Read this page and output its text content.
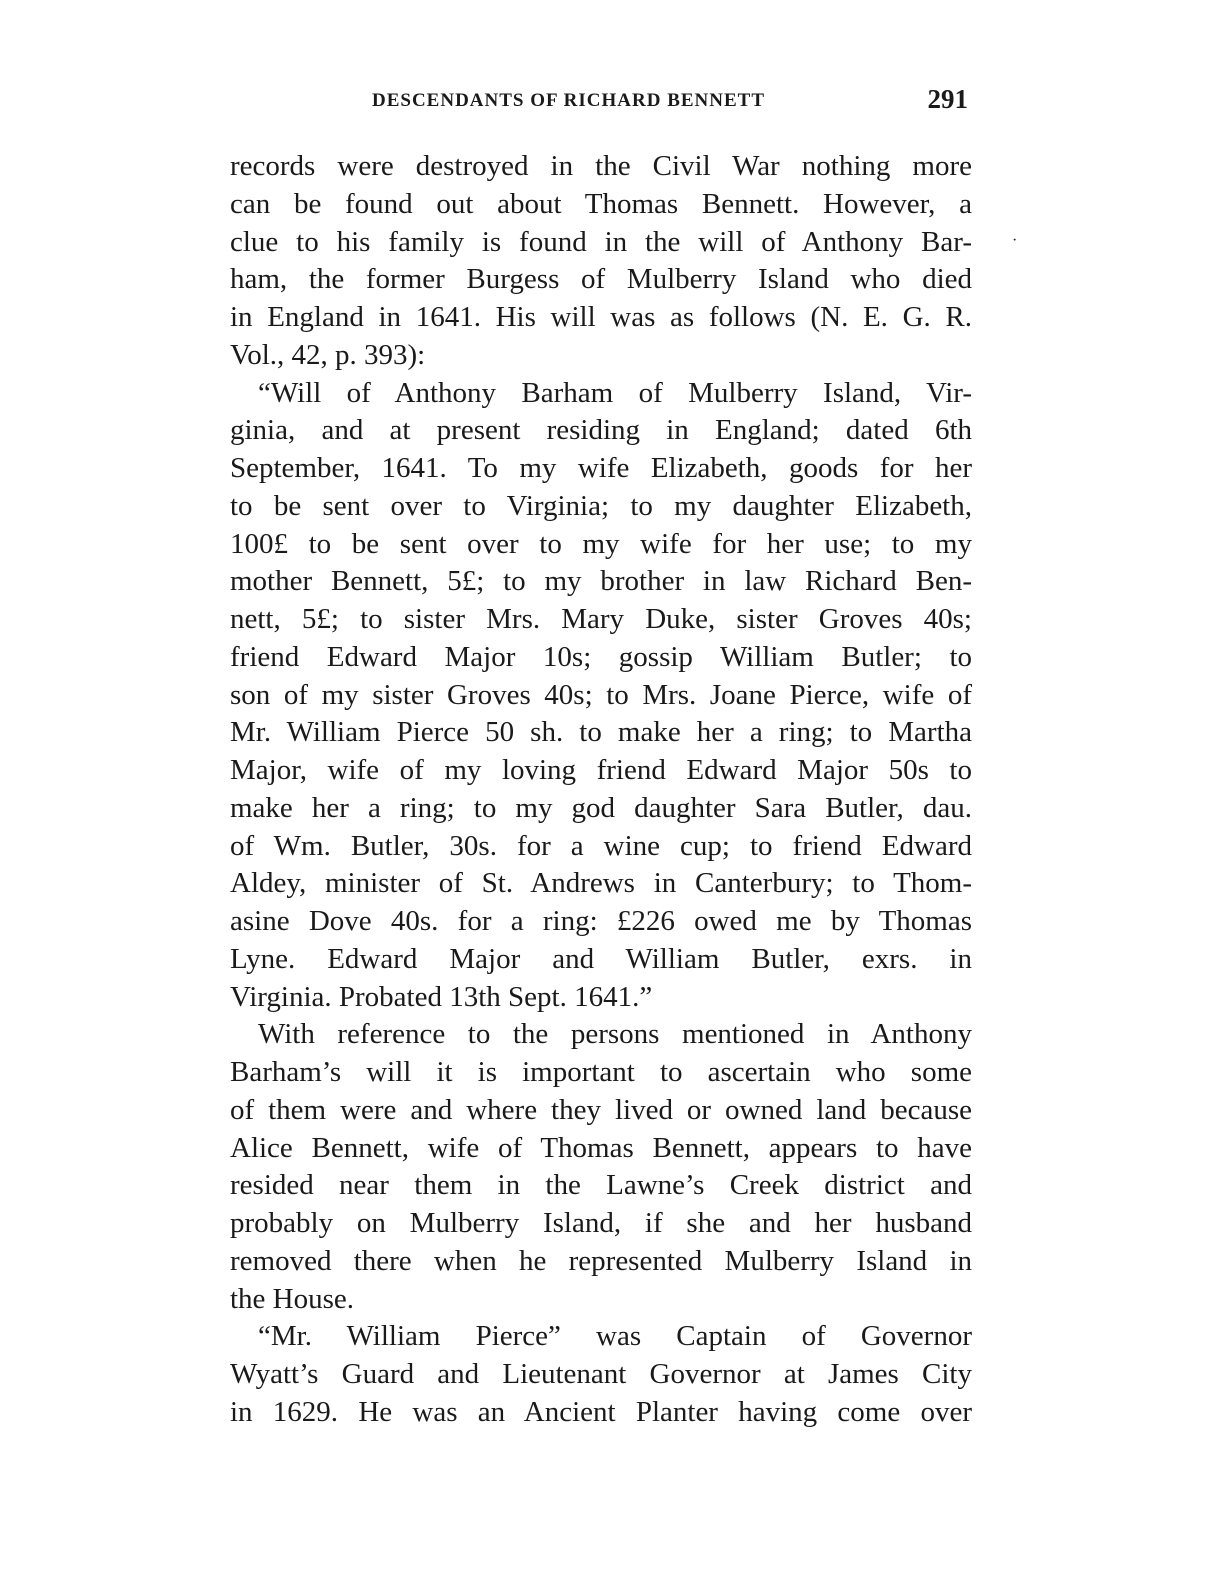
DESCENDANTS OF RICHARD BENNETT	291
·
records were destroyed in the Civil War nothing more
can be found out about Thomas Bennett. However, a
clue to his family is found in the will of Anthony Bar-
ham, the former Burgess of Mulberry Island who died
in England in 1641. His will was as follows (N. E. G. R.
Vol., 42, p. 393):
“Will of Anthony Barham of Mulberry Island, Vir-
ginia, and at present residing in England; dated 6th
September, 1641. To my wife Elizabeth, goods for her
to be sent over to Virginia; to my daughter Elizabeth,
100£ to be sent over to my wife for her use; to my
mother Bennett, 5£; to my brother in law Richard Ben-
nett, 5£; to sister Mrs. Mary Duke, sister Groves 40s;
friend Edward Major 10s; gossip William Butler; to
son of my sister Groves 40s; to Mrs. Joane Pierce, wife of
Mr. William Pierce 50 sh. to make her a ring; to Martha
Major, wife of my loving friend Edward Major 50s to
make her a ring; to my god daughter Sara Butler, dau.
of Wm. Butler, 30s. for a wine cup; to friend Edward
Aldey, minister of St. Andrews in Canterbury; to Thom-
asine Dove 40s. for a ring: £226 owed me by Thomas
Lyne. Edward Major and William Butler, exrs. in
Virginia. Probated 13th Sept. 1641.”
With reference to the persons mentioned in Anthony
Barham’s will it is important to ascertain who some
of them were and where they lived or owned land because
Alice Bennett, wife of Thomas Bennett, appears to have
resided near them in the Lawne’s Creek district and
probably on Mulberry Island, if she and her husband
removed there when he represented Mulberry Island in
the House.
“Mr. William Pierce” was Captain of Governor
Wyatt’s Guard and Lieutenant Governor at James City
in 1629. He was an Ancient Planter having come over
